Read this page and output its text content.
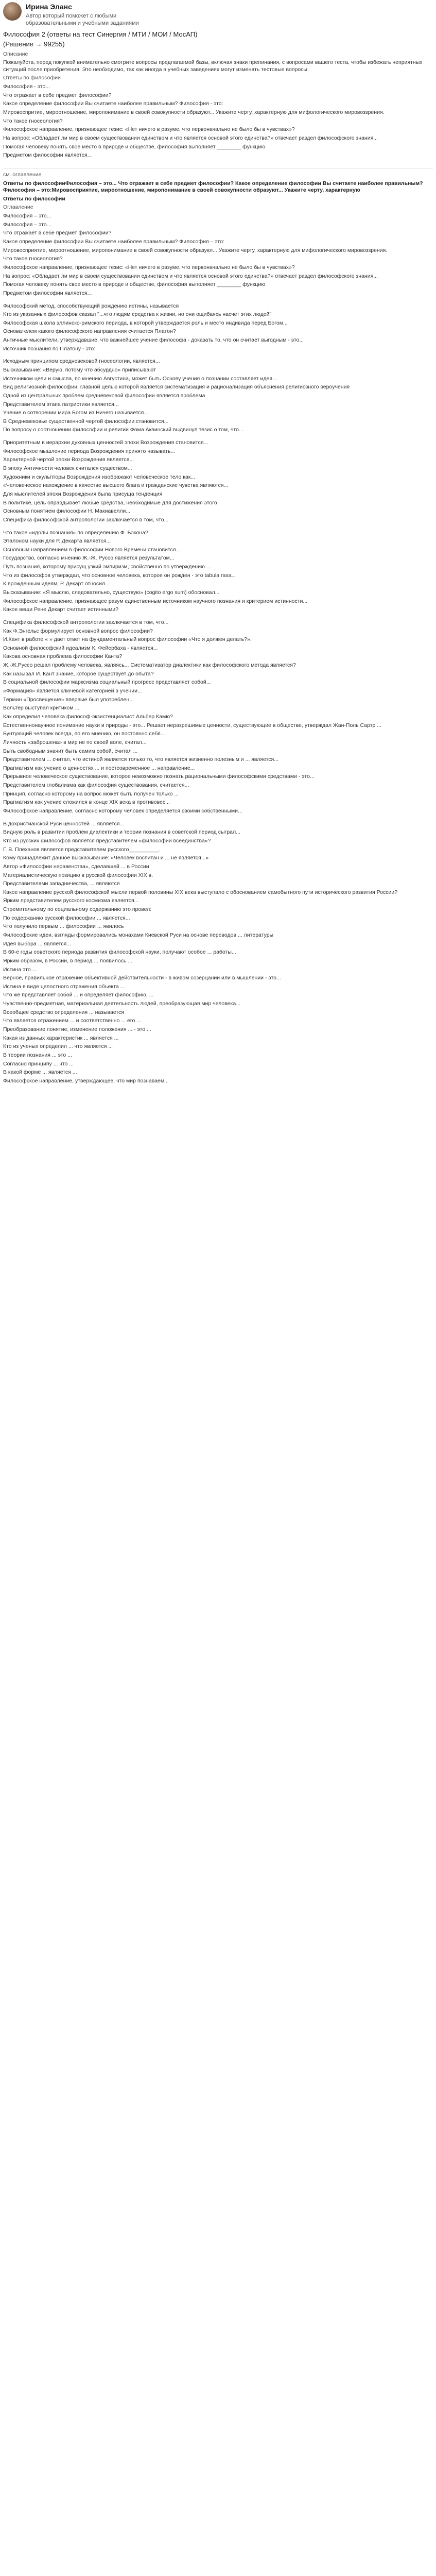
Ирина Эланс
Автор который поможет с любыми образовательными и учебными заданиями
Философия 2 (ответы на тест Синергия / МТИ / МОИ / МосАП)
(Решение → 99255)
Описание
Пожалуйста, перед покупкой внимательно смотрите вопросы предлагаемой базы, включая знаки препинания, с вопросами вашего теста, чтобы избежать неприятных ситуаций после приобретения. Это необходимо, так как иногда в учебных заведениях могут изменять тестовые вопросы.
Ответы по философии
Философия - это...
Что отражает в себе предмет философии?
Какое определение философии Вы считаете наиболее правильным? Философия - это:
Мировоспритие, мироотношение, миропонимание в своей совокупности образуют... Укажите черту, характерную для мифологического мировоззрения.
Что такое гносеология?
Философское направление, признающее тезис: «Нет ничего в разуме, что первоначально не было бы в чувствах»?
На вопрос: «Обладает ли мир в своем существовании единством и что является основой этого единства?» отвечает раздел философского знания...
Помогая человеку понять свое место в природе и обществе, философия выполняет ________ функцию
Предметом философии является...
см. оглавление
Ответы по философииФилософия – это... Что отражает в себе предмет философии? Какое определение философии Вы считаете наиболее правильным? Философия – это:Мировосприятие, мироотношение, миропонимание в своей совокупности образуют... Укажите черту, характерную
Ответы по философии
Оглавление
Философия – это...
Философия – это...
Что отражает в себе предмет философии?
Какое определение философии Вы считаете наиболее правильным? Философия – это:
Мировосприятие, мироотношение, миропонимание в своей совокупности образуют... Укажите черту, характерную для мифологического мировоззрения.
Что такое гносеология?
Философское направление, признающее тезис: «Нет ничего в разуме, что первоначально не было бы в чувствах»?
На вопрос: «Обладает ли мир в своем существовании единством и что является основой этого единства?» отвечает раздел философского знания...
Помогая человеку понять свое место в природе и обществе, философия выполняет ________ функцию
Предметом философии является...
Философский метод, способствующий рождению истины, называется
Кто из указанных философов сказал "...что людям средства к жизни, но они ощибаясь насчет этих людей"
Философская школа эллинско-римского периода, в которой утверждается роль и место индивида перед Богом...
Основателем какого философского направления считается Платон?
Античные мыслители, утверждавшие, что важнейшее учение философа - доказать то, что он считает выгодным - это...
Источник познания по Платону - это:
Исходным принципом средневековой гносеологии, является...
Высказывание: «Верую, потому что абсурдно» приписывают
Источником цели и смысла, по мнению Августина, может быть Основу учения о познании составляет идея ...
Вид религиозной философии, главной целью которой является систематизация и рационализация объяснения религиозного вероучения
Одной из центральных проблем средневековой философии является проблема
Представителем этапа патристики является...
Учение о сотворении мира Богом из Ничего называется...
В Средневековье существенной чертой философии становится...
По вопросу о соотношении философии и религии Фома Аквинский выдвинул тезис о том, что...
Приоритетным в иерархии духовных ценностей эпохи Возрождения становится...
Философское мышление периода Возрождения принято называть...
Характерной чертой эпохи Возрождения является...
В эпоху Античности человек считался существом...
Художники и скульпторы Возрождения изображают человеческое тело как...
«Человеческое нахождение в качестве высшего блага и гражданские чувства являются...
Для мыслителей эпохи Возрождения была присуща тенденция
В политике, цель оправдывает любые средства, необходимые для достижения этого
Основным понятием философии Н. Макиавелли...
Специфика философской антропологии заключается в том, что...
Что такое «идолы познания» по определению Ф. Бэкона?
Эталоном науки для Р. Декарта является...
Основным направлением в философии Нового Времени становится...
Государство, согласно мнению Ж.-Ж. Руссо является результатом...
Путь познания, которому присущ узкий эмпиризм, свойственно по утверждению ...
Что из философов утверждал, что основное человека, которое он рожден - это tabula rasa...
К врожденным идеям, Р. Декарт относил...
Высказывание: «Я мыслю, следовательно, существую» (cogito ergo sum) обосновал...
Философское направление, признающее разум единственным источником научного познания и критерием истинности...
Какое вещи Рене Декарт считает истинными?
Специфика философской антропологии заключается в том, что...
Как Ф.Энгельс формулирует основной вопрос философии?
И.Кант в работе « » дает ответ на фундаментальный вопрос философии «Что я должен делать?».
Основной философский идеализм К. Фейербаха - является...
Какова основная проблема философии Канта?
Ж.-Ж.Руссо решал проблему человека, являясь... Систематизатор диалектики как философского метода является?
Как называл И. Кант знание, которое существует до опыта?
В социальной философии марксизма социальный прогресс представляет собой...
«Формация» является ключевой категорией в учении...
Термин «Просвещение» впервые был употреблен...
Вольтер выступал критиком ...
Как определил человека философ-экзистенциалист Альбер Камю?
Естественнонаучное понимание науки и природы - это... Решает неразрешимые ценности, существующие в обществе, утверждал Жан-Поль Сартр ...
Бунтующий человек всегда, по его мнению, он постоянно себя...
Личность «заброшена» в мир не по своей воле, считал...
Быть свободным значит быть самим собой, считал ...
Представителем ... считал, что истиной является только то, что является жизненно полезным и ... является...
Прагматизм как учение о ценностях ... и постсовременное ... направление...
Прерывное человеческое существование, которое невозможно познать рациональными философскими средствами - это...
Представителем глобализма как философия существования, считается...
Принцип, согласно которому на вопрос может быть получен только ...
Прагматизм как учение сложился в конце XIX века в противовес...
Философское направление, согласно которому человек определяется своими собственными...
В дохристианской Руси ценностей ... является...
Видную роль в развитии проблем диалектики и теории познания в советской период сыграл...
Кто из русских философов является представителем «философии всеединства»?
Г. В. Плеханов является представителем русского__________.
Кому принадлежит данное высказывание: «Человек воспитан и ... не является...»
Автор «Философии неравенства», сделавшей ... в России
Материалистическую позицию в русской философии XIX в.
Представителями западничества, ... являются
Какое направление русской философской мысли первой половины XIX века выступало с обоснованием самобытного пути исторического развития России?
Ярким представителем русского космизма является...
Стремительному по социальному содержанию это провел:
По содержанию русской философии ... является...
Что получило первым ... философии ... явилось
Философские идеи, взгляды формировались монахами Киевской Руси на основе переводов ... литературы
Идея выбора ... является...
В 60-е годы советского периода развития философской науки, получают особое ... работы...
Ярким образом, в России, в период ... появилось ...
Истина это ...
Верное, правильное отражение объективной действительности - в живом созерцании или в мышлении - это...
Истина в виде целостного отражения объекта ...
Что же представляет собой ... и определяет философию, ...
Чувственно-предметная, материальная деятельность людей, преобразующая мир человека...
Всеобщее средство определения ... называется
Что является отражением ... и соответственно ... его ...
Преобразование понятие, изменение положения ... - это ...
Какая из данных характеристик ... является ...
Кто из ученых определил ... что является ...
В теории познания ... это ...
Согласно принципу ... что ...
В какой форме ... является ...
Философское направление, утверждающее, что мир познаваем...
